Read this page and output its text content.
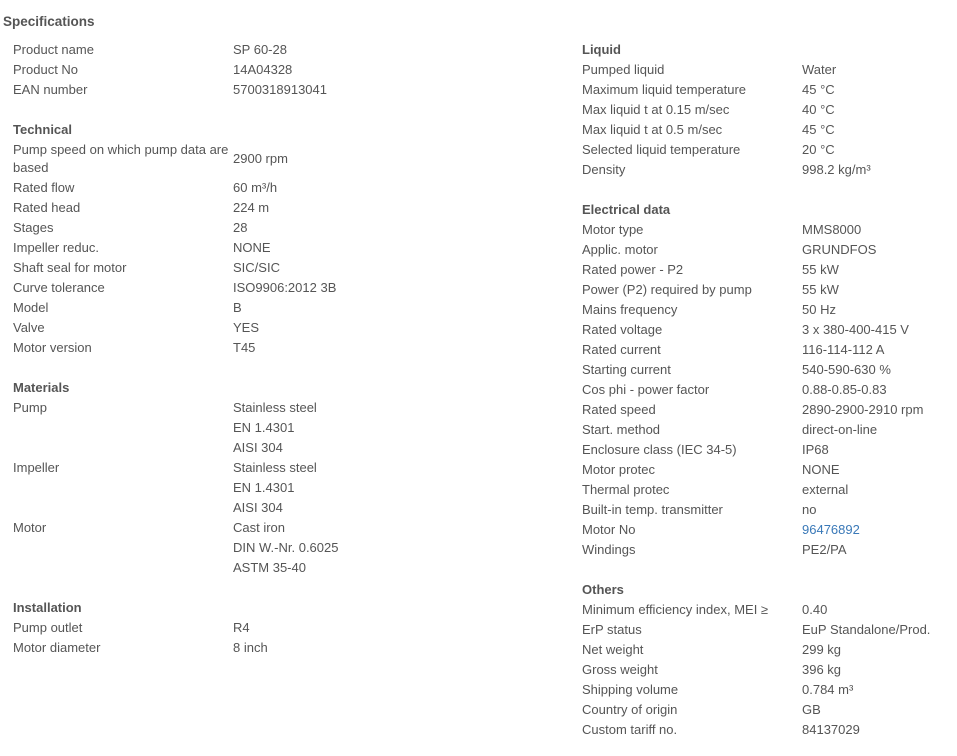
Specifications
Product name	SP 60-28
Product No	14A04328
EAN number	5700318913041
Technical
Pump speed on which pump data are based
2900 rpm
Rated flow	60 m³/h
Rated head	224 m
Stages	28
Impeller reduc.	NONE
Shaft seal for motor	SIC/SIC
Curve tolerance	ISO9906:2012 3B
Model	B
Valve	YES
Motor version	T45
Materials
Pump	Stainless steel
EN 1.4301
AISI 304
Impeller	Stainless steel
EN 1.4301
AISI 304
Motor	Cast iron
DIN W.-Nr. 0.6025
ASTM 35-40
Installation
Pump outlet	R4
Motor diameter	8 inch
Liquid
Pumped liquid	Water
Maximum liquid temperature	45 °C
Max liquid t at 0.15 m/sec	40 °C
Max liquid t at 0.5 m/sec	45 °C
Selected liquid temperature	20 °C
Density	998.2 kg/m³
Electrical data
Motor type	MMS8000
Applic. motor	GRUNDFOS
Rated power - P2	55 kW
Power (P2) required by pump	55 kW
Mains frequency	50 Hz
Rated voltage	3 x 380-400-415 V
Rated current	116-114-112 A
Starting current	540-590-630 %
Cos phi - power factor	0.88-0.85-0.83
Rated speed	2890-2900-2910 rpm
Start. method	direct-on-line
Enclosure class (IEC 34-5)	IP68
Motor protec	NONE
Thermal protec	external
Built-in temp. transmitter	no
Motor No	96476892
Windings	PE2/PA
Others
Minimum efficiency index, MEI ≥	0.40
ErP status	EuP Standalone/Prod.
Net weight	299 kg
Gross weight	396 kg
Shipping volume	0.784 m³
Country of origin	GB
Custom tariff no.	84137029
